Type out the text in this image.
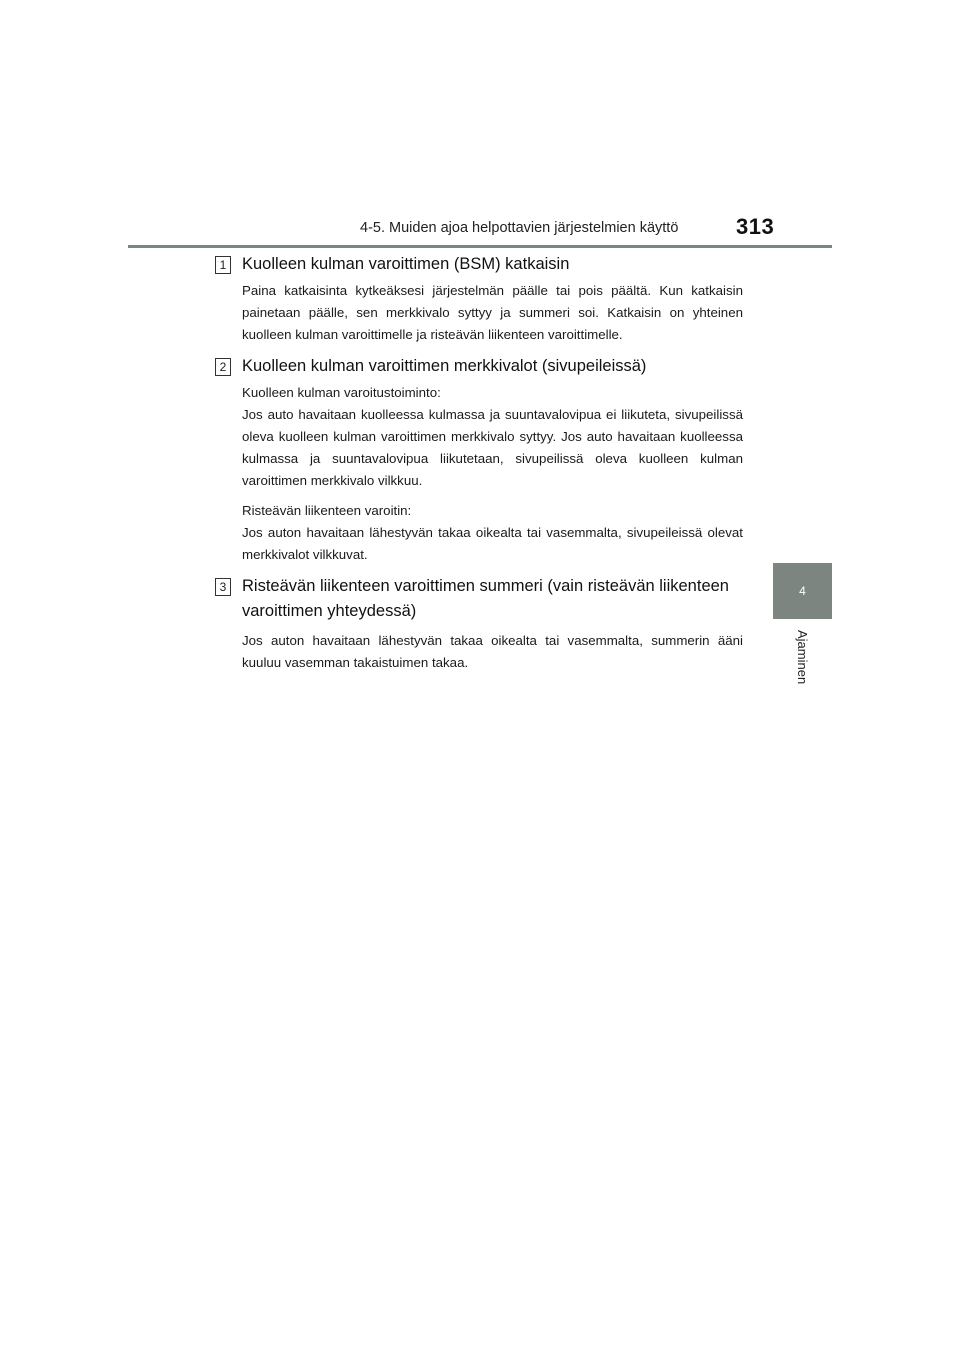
4-5. Muiden ajoa helpottavien järjestelmien käyttö	313
4
Ajaminen
1 Kuolleen kulman varoittimen (BSM) katkaisin

Paina katkaisinta kytkeäksesi järjestelmän päälle tai pois päältä. Kun katkaisin painetaan päälle, sen merkkivalo syttyy ja summeri soi. Katkaisin on yhteinen kuolleen kulman varoittimelle ja risteävän liikenteen varoittimelle.

2 Kuolleen kulman varoittimen merkkivalot (sivupeileissä)

Kuolleen kulman varoitustoiminto:
Jos auto havaitaan kuolleessa kulmassa ja suuntavalovipua ei liikuteta, sivupeilissä oleva kuolleen kulman varoittimen merkkivalo syttyy. Jos auto havaitaan kuolleessa kulmassa ja suuntavalovipua liikutetaan, sivupeilissä oleva kuolleen kulman varoittimen merkkivalo vilkkuu.

Risteävän liikenteen varoitin:
Jos auton havaitaan lähestyvän takaa oikealta tai vasemmalta, sivupeileissä olevat merkkivalot vilkkuvat.

3 Risteävän liikenteen varoittimen summeri (vain risteävän liikenteen varoittimen yhteydessä)

Jos auton havaitaan lähestyvän takaa oikealta tai vasemmalta, summerin ääni kuuluu vasemman takaistuimen takaa.
